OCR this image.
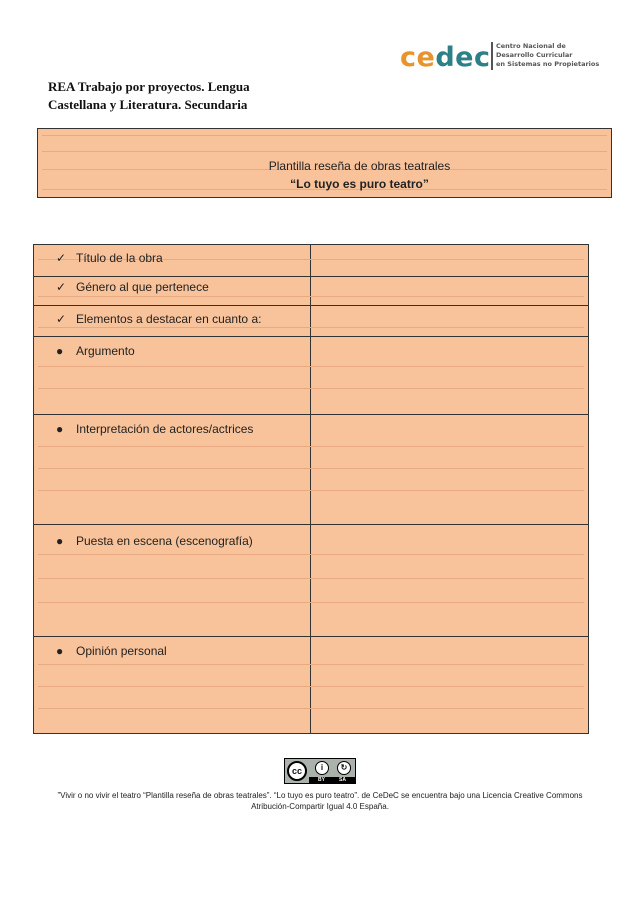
cedec Centro Nacional de
Desarrollo Curricular
en Sistemas no Propietarios
REA Trabajo por proyectos. Lengua
Castellana y Literatura. Secundaria
Plantilla reseña de obras teatrales
“Lo tuyo es puro teatro”
✓ Título de la obra
✓ Género al que pertenece
✓ Elementos a destacar en cuanto a:
● Argumento
● Interpretación de actores/actrices
● Puesta en escena (escenografía)
● Opinión personal
cc	i	↻
BY	SA
”Vivir o no vivir el teatro “Plantilla reseña de obras teatrales”. “Lo tuyo es puro teatro”. de CeDeC se encuentra bajo una Licencia Creative Commons Atribución-Compartir Igual 4.0 España.
